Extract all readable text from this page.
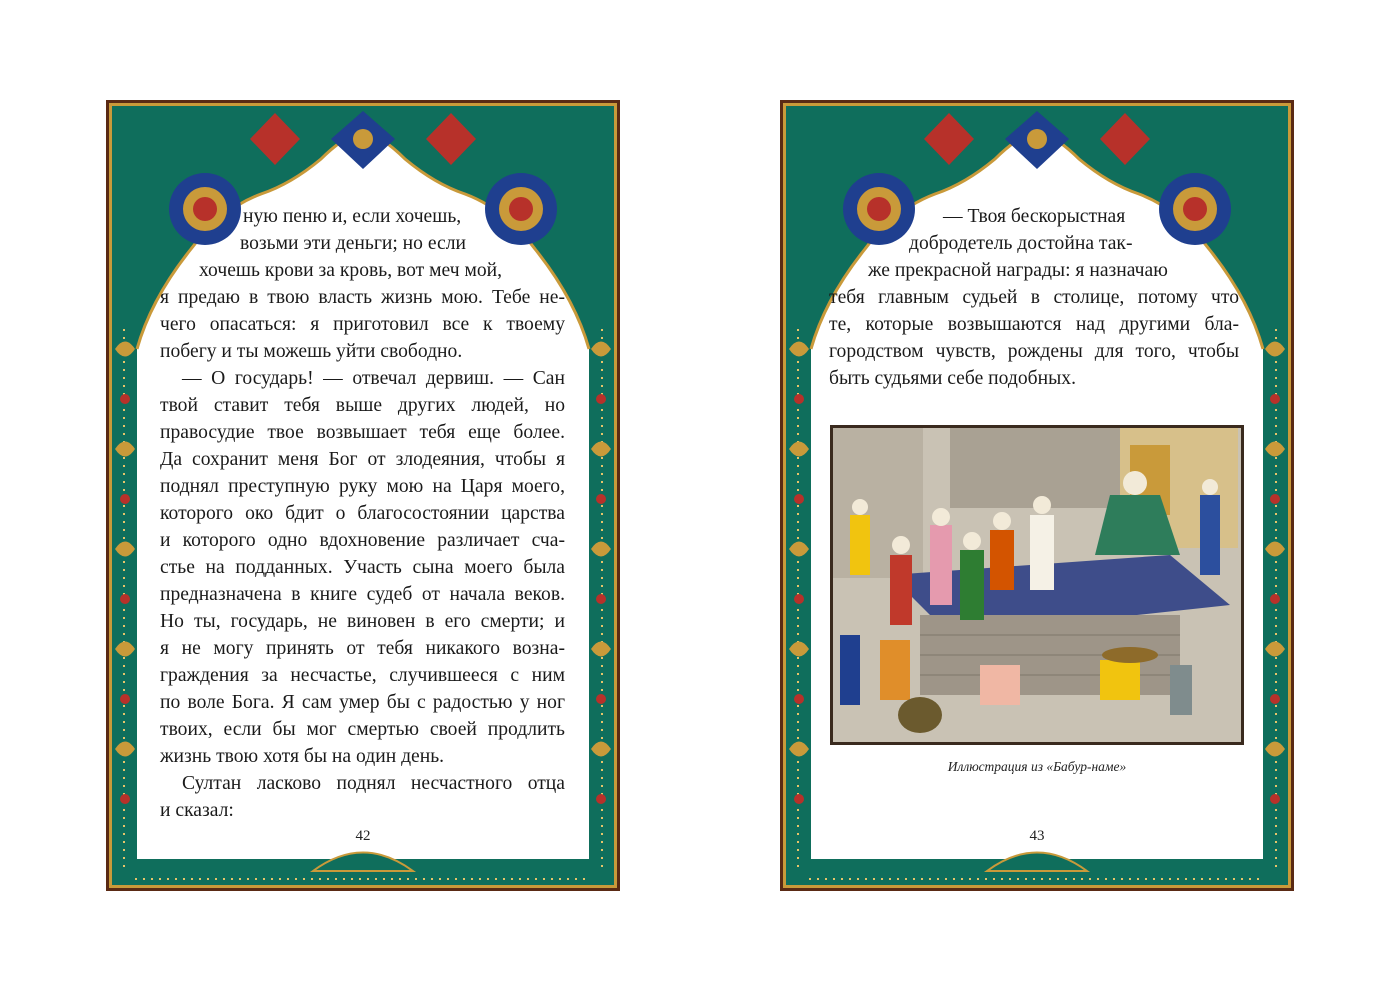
ную пеню и, если хочешь,

возьми эти деньги; но если

хочешь крови за кровь, вот меч мой,

я предаю в твою власть жизнь мою. Тебе не-

чего опасаться: я приготовил все к твоему

побегу и ты можешь уйти свободно.

— О государь! — отвечал дервиш. — Сан

твой ставит тебя выше других людей, но

правосудие твое возвышает тебя еще более.

Да сохранит меня Бог от злодеяния, чтобы я

поднял преступную руку мою на Царя моего,

которого око бдит о благосостоянии царства

и которого одно вдохновение различает сча-

стье на подданных. Участь сына моего была

предназначена в книге судеб от начала веков.

Но ты, государь, не виновен в его смерти; и

я не могу принять от тебя никакого возна-

граждения за несчастье, случившееся с ним

по воле Бога. Я сам умер бы с радостью у ног

твоих, если бы мог смертью своей продлить

жизнь твою хотя бы на один день.

Султан ласково поднял несчастного отца

и сказал:

42

— Твоя бескорыстная

добродетель достойна так-

же прекрасной награды: я назначаю

тебя главным судьей в столице, потому что

те, которые возвышаются над другими бла-

городством чувств, рождены для того, чтобы

быть судьями себе подобных.

Иллюстрация из «Бабур-наме»
43
